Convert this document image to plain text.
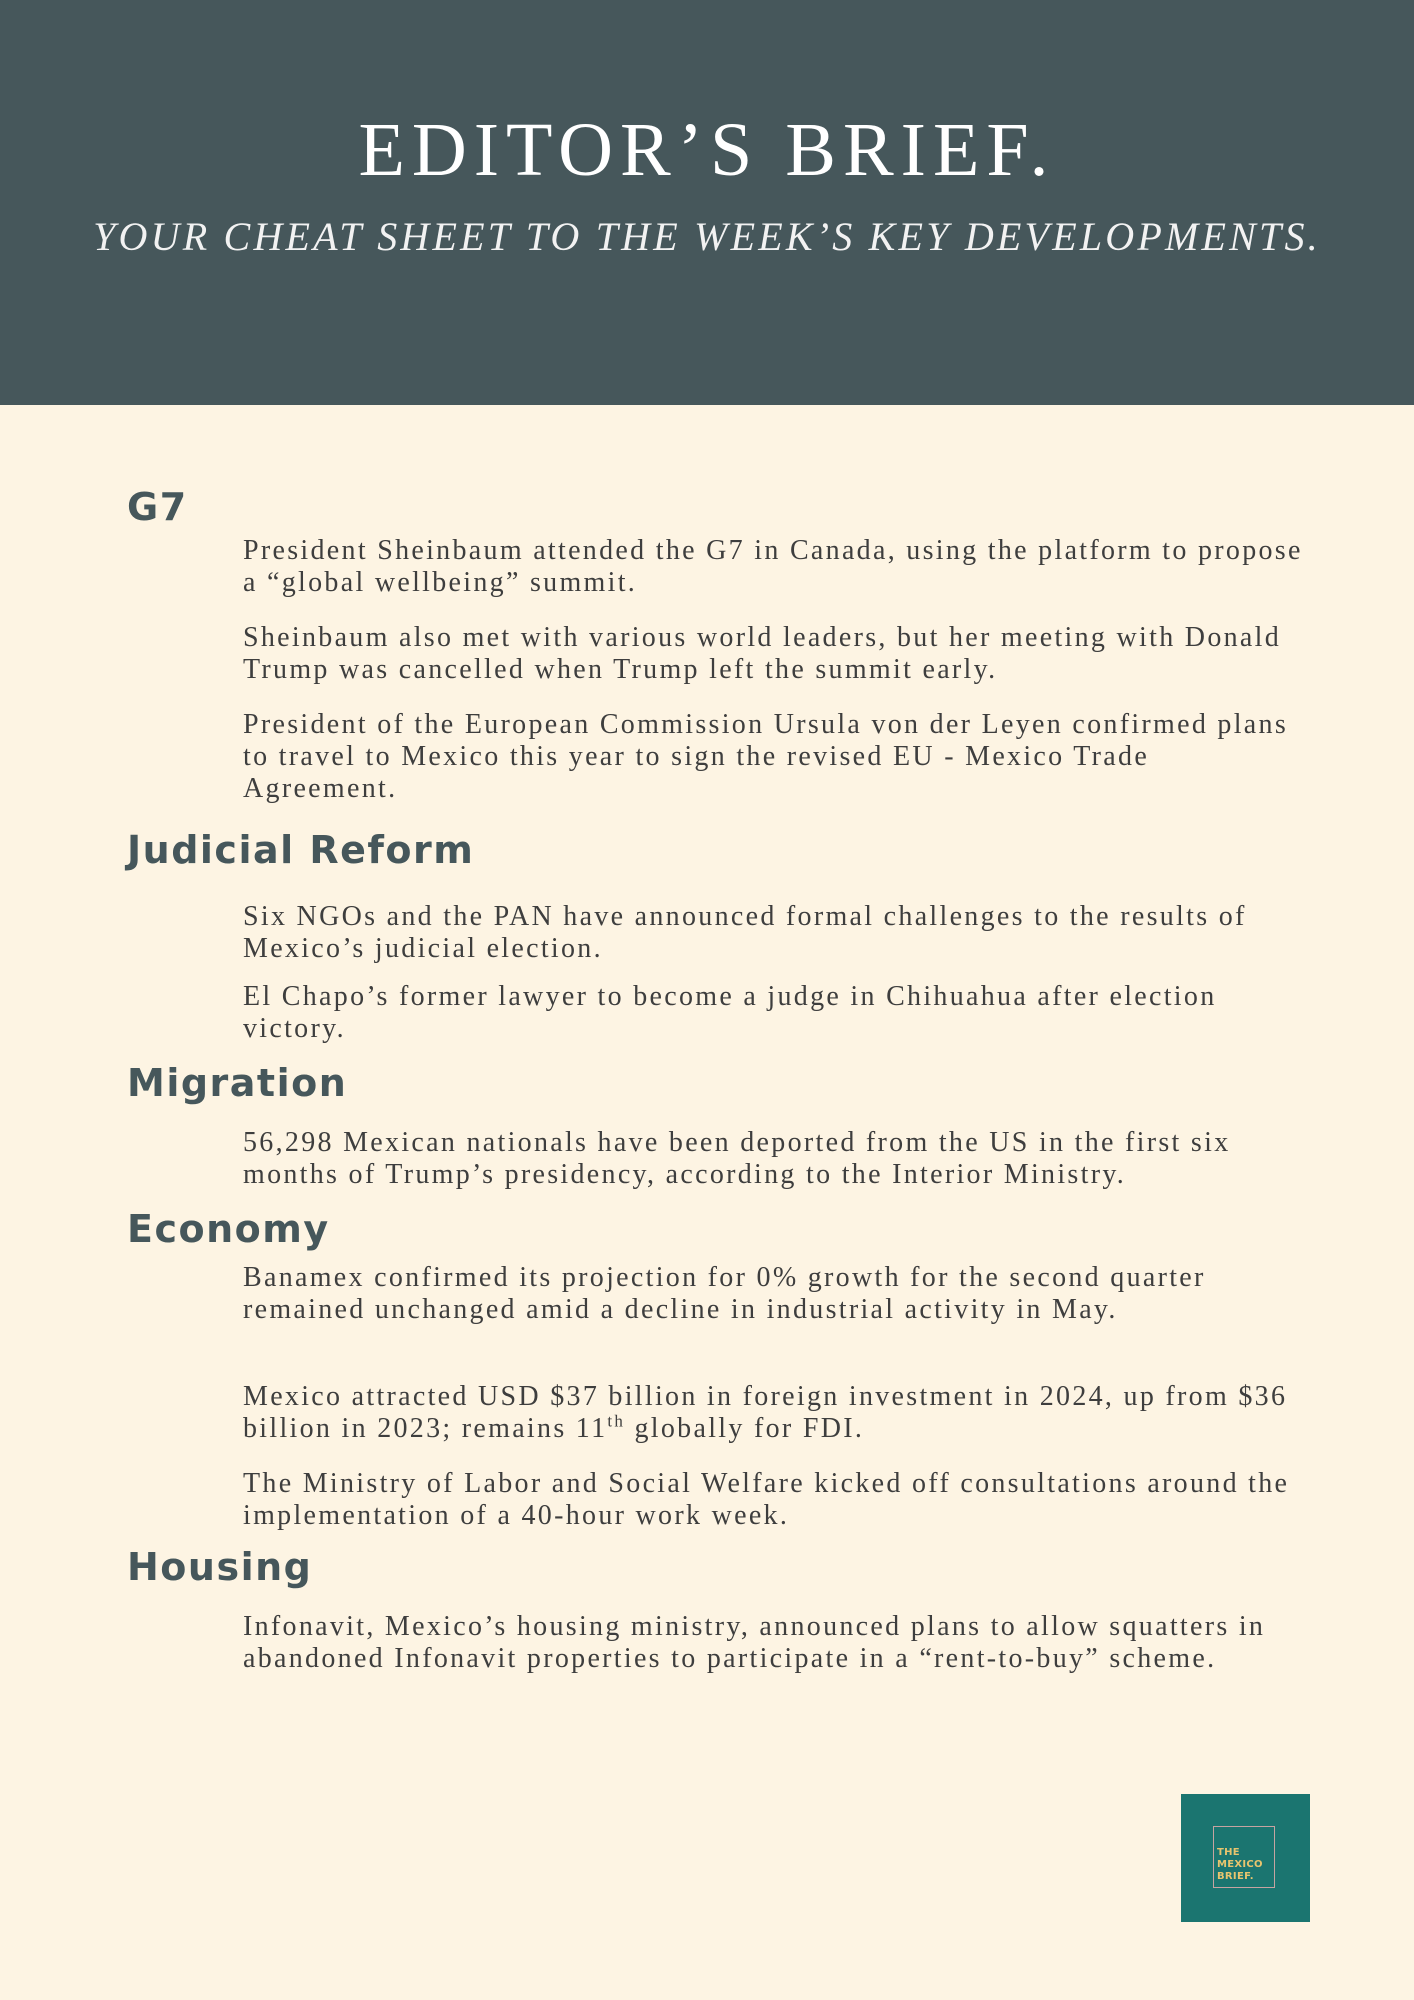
EDITOR’S BRIEF.

YOUR CHEAT SHEET TO THE WEEK’S KEY DEVELOPMENTS.

G7

President Sheinbaum attended the G7 in Canada, using the platform to propose a “global wellbeing” summit.

Sheinbaum also met with various world leaders, but her meeting with Donald Trump was cancelled when Trump left the summit early.

President of the European Commission Ursula von der Leyen confirmed plans to travel to Mexico this year to sign the revised EU - Mexico Trade Agreement.

Judicial Reform

Six NGOs and the PAN have announced formal challenges to the results of Mexico’s judicial election.

El Chapo’s former lawyer to become a judge in Chihuahua after election victory.

Migration

56,298 Mexican nationals have been deported from the US in the first six months of Trump’s presidency, according to the Interior Ministry.

Economy

Banamex confirmed its projection for 0% growth for the second quarter remained unchanged amid a decline in industrial activity in May.

Mexico attracted USD $37 billion in foreign investment in 2024, up from $36 billion in 2023; remains 11th globally for FDI.

The Ministry of Labor and Social Welfare kicked off consultations around the implementation of a 40-hour work week.

Housing

Infonavit, Mexico’s housing ministry, announced plans to allow squatters in abandoned Infonavit properties to participate in a “rent-to-buy” scheme.

THE
MEXICO
BRIEF.
